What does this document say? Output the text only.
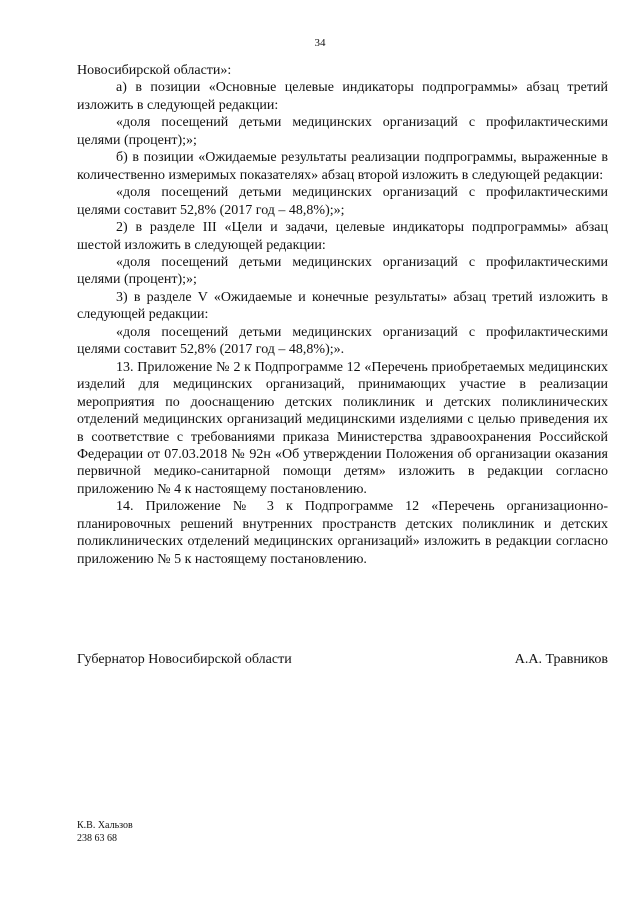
34

Новосибирской области»:

а) в позиции «Основные целевые индикаторы подпрограммы» абзац третий изложить в следующей редакции:

«доля посещений детьми медицинских организаций с профилактическими целями (процент);»;

б) в позиции «Ожидаемые результаты реализации подпрограммы, выраженные в количественно измеримых показателях» абзац второй изложить в следующей редакции:

«доля посещений детьми медицинских организаций с профилактическими целями составит 52,8% (2017 год – 48,8%);»;

2) в разделе III «Цели и задачи, целевые индикаторы подпрограммы» абзац шестой изложить в следующей редакции:

«доля посещений детьми медицинских организаций с профилактическими целями (процент);»;

3) в разделе V «Ожидаемые и конечные результаты» абзац третий изложить в следующей редакции:

«доля посещений детьми медицинских организаций с профилактическими целями составит 52,8% (2017 год – 48,8%);».

13. Приложение № 2 к Подпрограмме 12 «Перечень приобретаемых медицинских изделий для медицинских организаций, принимающих участие в реализации мероприятия по дооснащению детских поликлиник и детских поликлинических отделений медицинских организаций медицинскими изделиями с целью приведения их в соответствие с требованиями приказа Министерства здравоохранения Российской Федерации от 07.03.2018 № 92н «Об утверждении Положения об организации оказания первичной медико-санитарной помощи детям» изложить в редакции согласно приложению № 4 к настоящему постановлению.

14. Приложение № 3 к Подпрограмме 12 «Перечень организационно-планировочных решений внутренних пространств детских поликлиник и детских поликлинических отделений медицинских организаций» изложить в редакции согласно приложению № 5 к настоящему постановлению.

Губернатор Новосибирской области	А.А. Травников
К.В. Хальзов
238 63 68
